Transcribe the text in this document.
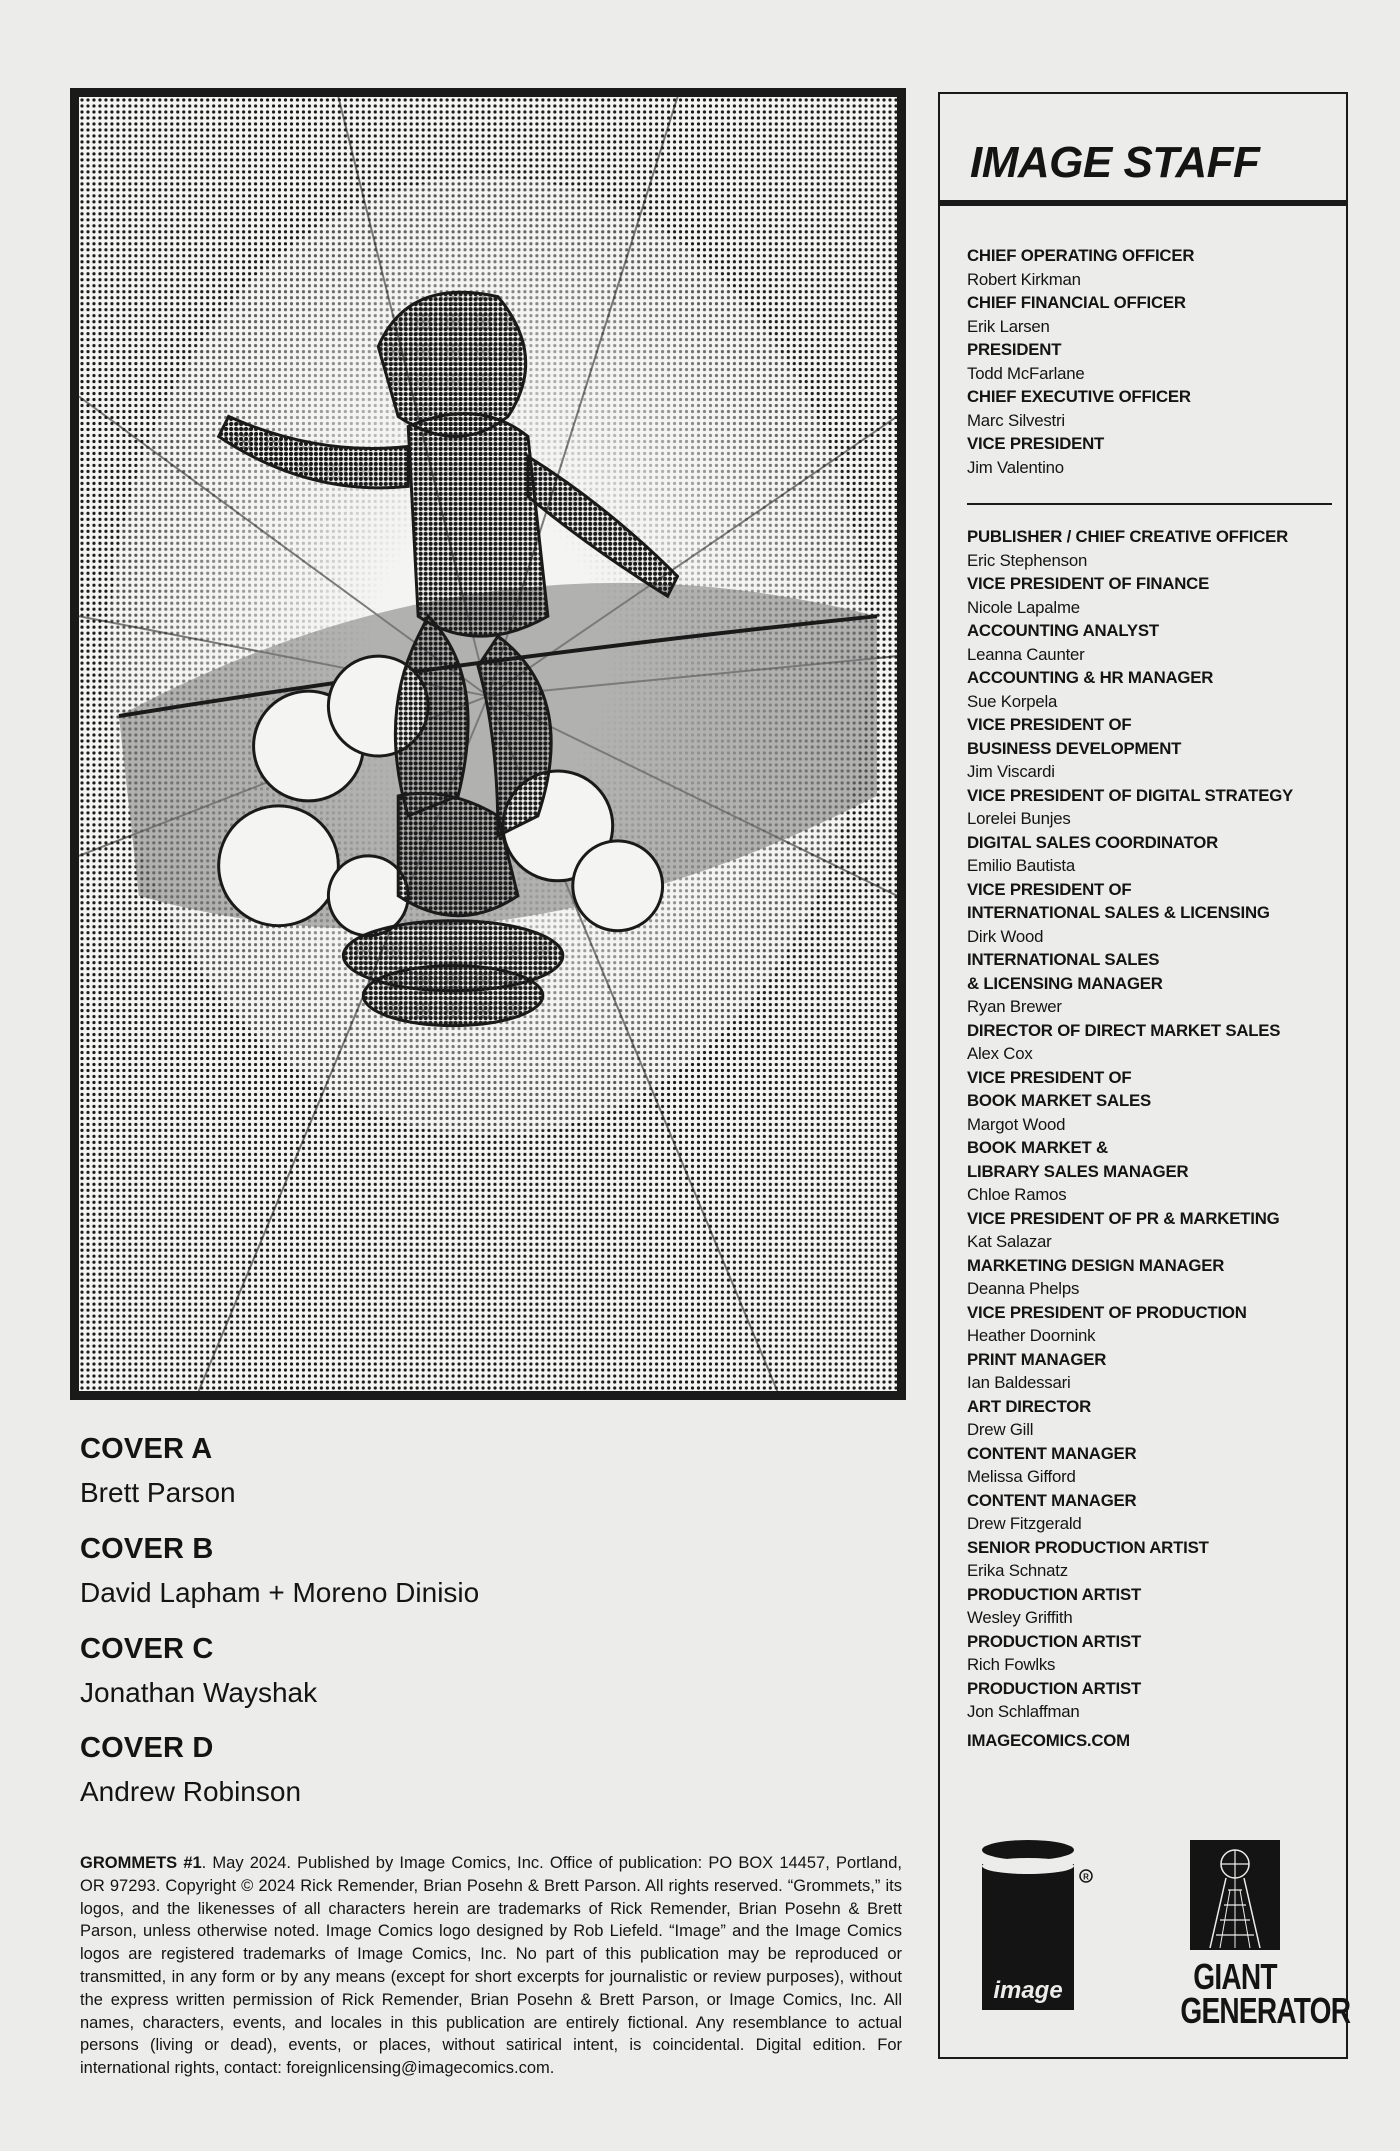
COVER A
Brett Parson
COVER B
David Lapham + Moreno Dinisio
COVER C
Jonathan Wayshak
COVER D
Andrew Robinson
GROMMETS #1. May 2024. Published by Image Comics, Inc. Office of publication: PO BOX 14457, Portland, OR 97293. Copyright © 2024 Rick Remender, Brian Posehn & Brett Parson. All rights reserved. “Grommets,” its logos, and the likenesses of all characters herein are trademarks of Rick Remender, Brian Posehn & Brett Parson, unless otherwise noted. Image Comics logo designed by Rob Liefeld. “Image” and the Image Comics logos are registered trademarks of Image Comics, Inc. No part of this publication may be reproduced or transmitted, in any form or by any means (except for short excerpts for journalistic or review purposes), without the express written permission of Rick Remender, Brian Posehn & Brett Parson, or Image Comics, Inc. All names, characters, events, and locales in this publication are entirely fictional. Any resemblance to actual persons (living or dead), events, or places, without satirical intent, is coincidental. Digital edition. For international rights, contact: foreignlicensing@imagecomics.com.
IMAGE STAFF
CHIEF OPERATING OFFICER
Robert Kirkman
CHIEF FINANCIAL OFFICER
Erik Larsen
PRESIDENT
Todd McFarlane
CHIEF EXECUTIVE OFFICER
Marc Silvestri
VICE PRESIDENT
Jim Valentino
PUBLISHER / CHIEF CREATIVE OFFICER
Eric Stephenson
VICE PRESIDENT OF FINANCE
Nicole Lapalme
ACCOUNTING ANALYST
Leanna Caunter
ACCOUNTING & HR MANAGER
Sue Korpela
VICE PRESIDENT OF
BUSINESS DEVELOPMENT
Jim Viscardi
VICE PRESIDENT OF DIGITAL STRATEGY
Lorelei Bunjes
DIGITAL SALES COORDINATOR
Emilio Bautista
VICE PRESIDENT OF
INTERNATIONAL SALES & LICENSING
Dirk Wood
INTERNATIONAL SALES
& LICENSING MANAGER
Ryan Brewer
DIRECTOR OF DIRECT MARKET SALES
Alex Cox
VICE PRESIDENT OF
BOOK MARKET SALES
Margot Wood
BOOK MARKET &
LIBRARY SALES MANAGER
Chloe Ramos
VICE PRESIDENT OF PR & MARKETING
Kat Salazar
MARKETING DESIGN MANAGER
Deanna Phelps
VICE PRESIDENT OF PRODUCTION
Heather Doornink
PRINT MANAGER
Ian Baldessari
ART DIRECTOR
Drew Gill
CONTENT MANAGER
Melissa Gifford
CONTENT MANAGER
Drew Fitzgerald
SENIOR PRODUCTION ARTIST
Erika Schnatz
PRODUCTION ARTIST
Wesley Griffith
PRODUCTION ARTIST
Rich Fowlks
PRODUCTION ARTIST
Jon Schlaffman
IMAGECOMICS.COM
R
image	GIANT
GENERATOR
